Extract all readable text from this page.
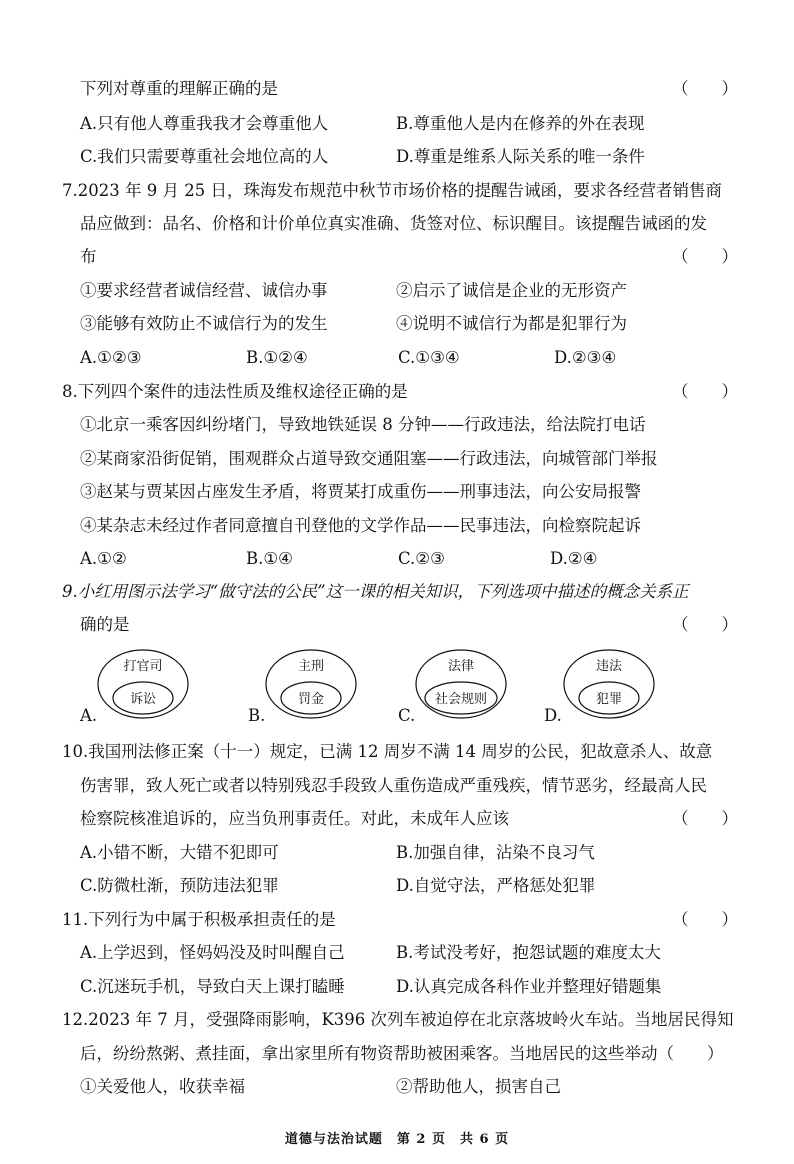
下列对尊重的理解正确的是	（　　）
A.只有他人尊重我我才会尊重他人	B.尊重他人是内在修养的外在表现
C.我们只需要尊重社会地位高的人	D.尊重是维系人际关系的唯一条件
7.2023 年 9 月 25 日，珠海发布规范中秋节市场价格的提醒告诫函，要求各经营者销售商
品应做到：品名、价格和计价单位真实准确、货签对位、标识醒目。该提醒告诫函的发
布	（　　）
①要求经营者诚信经营、诚信办事	②启示了诚信是企业的无形资产
③能够有效防止不诚信行为的发生	④说明不诚信行为都是犯罪行为
A.①②③	B.①②④	C.①③④	D.②③④
8.下列四个案件的违法性质及维权途径正确的是	（　　）
①北京一乘客因纠纷堵门，导致地铁延误 8 分钟——行政违法，给法院打电话
②某商家沿街促销，围观群众占道导致交通阻塞——行政违法，向城管部门举报
③赵某与贾某因占座发生矛盾，将贾某打成重伤——刑事违法，向公安局报警
④某杂志未经过作者同意擅自刊登他的文学作品——民事违法，向检察院起诉
A.①②	B.①④	C.②③	D.②④
9.小红用图示法学习“做守法的公民”这一课的相关知识，下列选项中描述的概念关系正
确的是	（　　）
A.
打官司
诉讼
B.
主刑
罚金
C.
法律
社会规则
D.
违法
犯罪
10.我国刑法修正案（十一）规定，已满 12 周岁不满 14 周岁的公民，犯故意杀人、故意
伤害罪，致人死亡或者以特别残忍手段致人重伤造成严重残疾，情节恶劣，经最高人民
检察院核准追诉的，应当负刑事责任。对此，未成年人应该	（　　）
A.小错不断，大错不犯即可	B.加强自律，沾染不良习气
C.防微杜渐，预防违法犯罪	D.自觉守法，严格惩处犯罪
11.下列行为中属于积极承担责任的是	（　　）
A.上学迟到，怪妈妈没及时叫醒自己	B.考试没考好，抱怨试题的难度太大
C.沉迷玩手机，导致白天上课打瞌睡	D.认真完成各科作业并整理好错题集
12.2023 年 7 月，受强降雨影响，K396 次列车被迫停在北京落坡岭火车站。当地居民得知
后，纷纷熬粥、煮挂面，拿出家里所有物资帮助被困乘客。当地居民的这些举动（　　）
①关爱他人，收获幸福	②帮助他人，损害自己
道德与法治试题　第 2 页　共 6 页
